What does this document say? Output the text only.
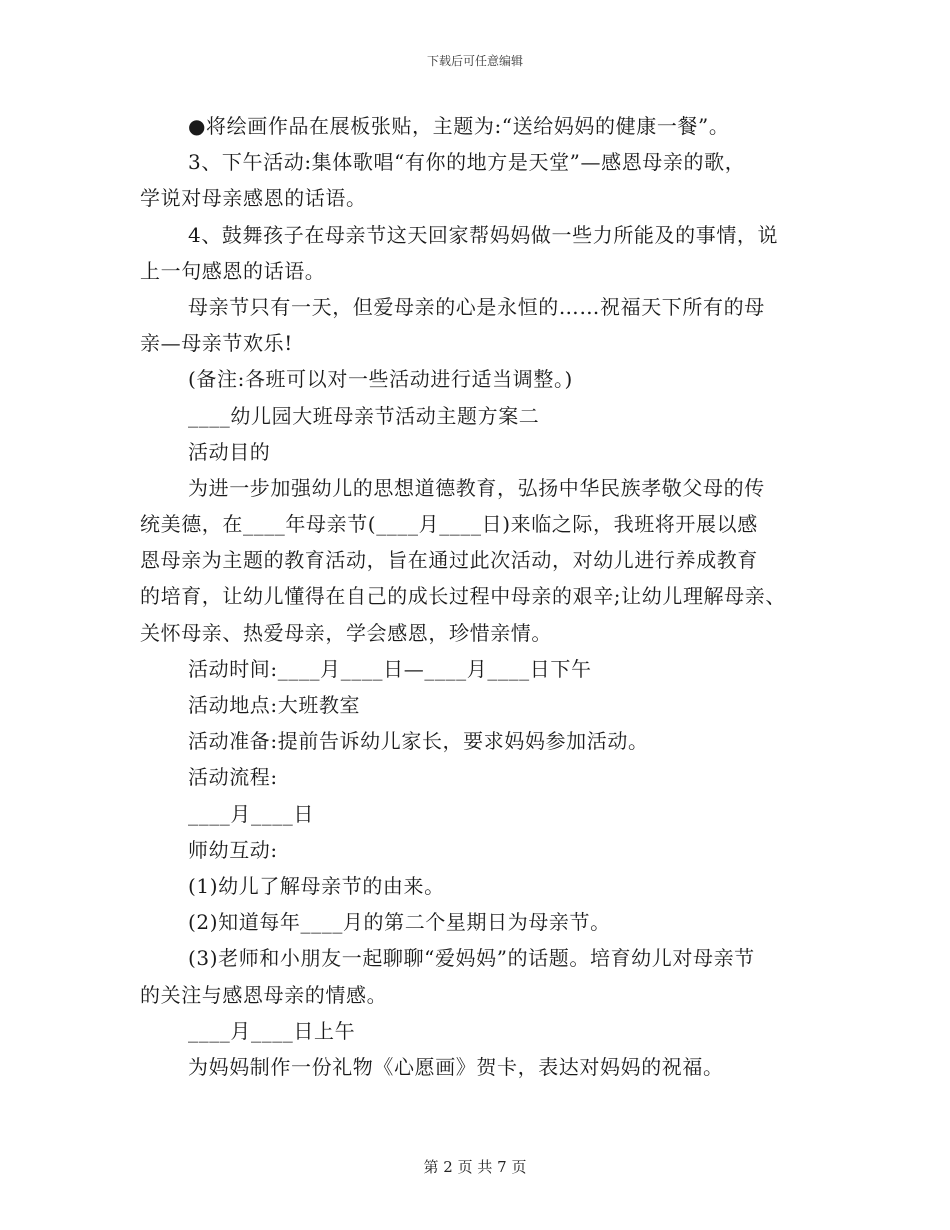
下载后可任意编辑
●将绘画作品在展板张贴，主题为:“送给妈妈的健康一餐”。
3、下午活动:集体歌唱“有你的地方是天堂”—感恩母亲的歌，
学说对母亲感恩的话语。
4、鼓舞孩子在母亲节这天回家帮妈妈做一些力所能及的事情，说
上一句感恩的话语。
母亲节只有一天，但爱母亲的心是永恒的……祝福天下所有的母
亲—母亲节欢乐!
(备注:各班可以对一些活动进行适当调整。)
____幼儿园大班母亲节活动主题方案二
活动目的
为进一步加强幼儿的思想道德教育，弘扬中华民族孝敬父母的传
统美德，在____年母亲节(____月____日)来临之际，我班将开展以感
恩母亲为主题的教育活动，旨在通过此次活动，对幼儿进行养成教育
的培育，让幼儿懂得在自己的成长过程中母亲的艰辛;让幼儿理解母亲、
关怀母亲、热爱母亲，学会感恩，珍惜亲情。
活动时间:____月____日—____月____日下午
活动地点:大班教室
活动准备:提前告诉幼儿家长，要求妈妈参加活动。
活动流程:
____月____日
师幼互动:
(1)幼儿了解母亲节的由来。
(2)知道每年____月的第二个星期日为母亲节。
(3)老师和小朋友一起聊聊“爱妈妈”的话题。培育幼儿对母亲节
的关注与感恩母亲的情感。
____月____日上午
为妈妈制作一份礼物《心愿画》贺卡，表达对妈妈的祝福。
第 2 页 共 7 页
